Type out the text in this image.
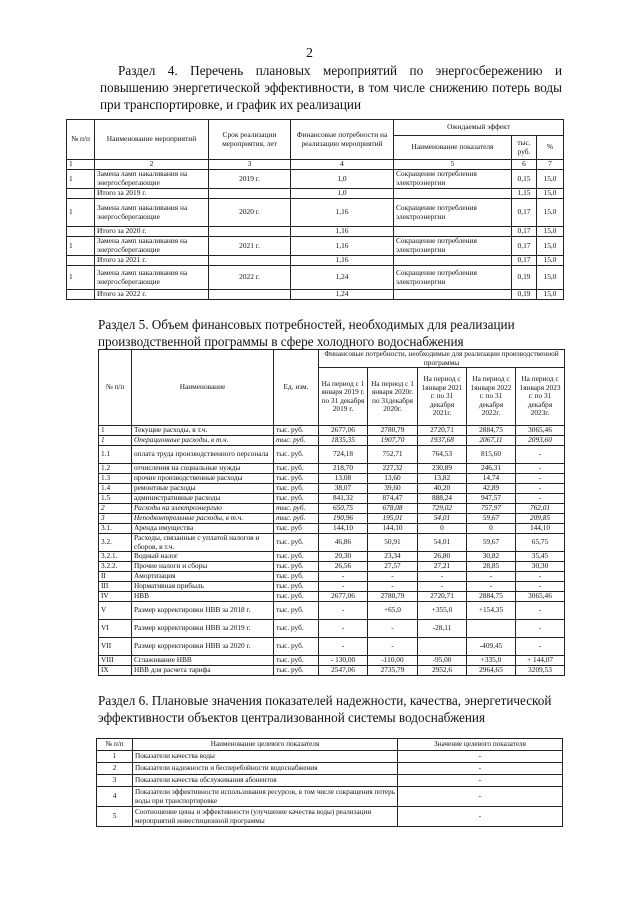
2

Раздел 4. Перечень плановых мероприятий по энергосбережению и повышению энергетической эффективности, в том числе снижению потерь воды при транспортировке, и график их реализации

№ п/п	Наименование мероприятий	Срок реализации мероприятия, лет	Финансовые потребности на реализацию мероприятий	Ожидаемый эффект		
				Наименование показателя	тыс. руб.	%
1	2	3	4	5	6	7
1	Замена ламп накаливания на энергосберегающие	2019 г.	1,0	Сокращение потребления электроэнергии	0,15	15,0
	Итого за 2019 г.		1,0		1,15	15,0
1	Замена ламп накаливания на энергосберегающие	2020 г.	1,16	Сокращение потребления электроэнергии	0,17	15,0
	Итого за 2020 г.		1,16		0,17	15,0
1	Замена ламп накаливания на энергосберегающие	2021 г.	1,16	Сокращение потребления электроэнергии	0,17	15,0
	Итого за 2021 г.		1,16		0,17	15,0
1	Замена ламп накаливания на энергосберегающие	2022 г.	1,24	Сокращение потребления электроэнергии	0,19	15,0
	Итого за 2022 г.		1,24		0,19	15,0

Раздел 5. Объем финансовых потребностей, необходимых для реализации производственной программы в сфере холодного водоснабжения

№ п/п	Наименование	Ед. изм.	Финансовые потребности, необходимые для реализации производственной программы				
			На период с 1 января 2019 г. по 31 декабря 2019 г.	На период с 1 января 2020г. по 31декабря 2020г.	На период с 1января 2021 г. по 31 декабря 2021г.	На период с 1января 2022 г. по 31 декабря 2022г.	На период с 1января 2023 г. по 31 декабря 2023г.
1	Текущие расходы, в т.ч.	тыс. руб.	2677,06	2780,79	2720,71	2884,75	3065,46
1	Операционные расходы, в т.ч.	тыс. руб.	1835,35	1907,70	1937,68	2067,11	2093,60
1.1	оплата труда производственного персонала	тыс. руб.	724,18	752,71	764,53	815,60	-
1.2	отчисления на социальные нужды	тыс. руб.	218,70	227,32	230,89	246,31	-
1.3	прочие производственные расходы	тыс. руб.	13,08	13,60	13,82	14,74	-
1.4	ремонтные расходы	тыс. руб.	38,07	39,60	40,20	42,89	-
1.5	административные расходы	тыс. руб.	841,32	874,47	888,24	947,57	-
2	Расходы на электроэнергию	тыс. руб.	650,75	678,08	729,02	757,97	762,01
3	Неподконтрольные расходы, в т.ч.	тыс. руб.	190,96	195,01	54,01	59,67	209,85
3.1.	Аренда имущества	тыс. руб	144,10	144,10	0	0	144,10
3.2.	Расходы, связанные с уплатой налогов и сборов, в т.ч.	тыс. руб.	46,86	50,91	54,01	59,67	65,75
3.2.1.	Водный налог	тыс. руб.	20,30	23,34	26,80	30,82	35,45
3.2.2.	Прочие налоги и сборы	тыс. руб.	26,56	27,57	27,21	28,85	30,30
II	Амортизация	тыс. руб.	-	-	-	-	-
III	Нормативная прибыль	тыс. руб.	-	-	-	-	-
IV	НВВ	тыс. руб.	2677,06	2780,79	2720,71	2884,75	3065,46
V	Размер корректировки НВВ за 2018 г.	тыс. руб.	-	+65,0	+355,0	+154,35	-
VI	Размер корректировки НВВ за 2019 г.	тыс. руб.	-	-	-28,11		-
VII	Размер корректировки НВВ за 2020 г.	тыс. руб.	-	-		-409,45	-
VIII	Сглаживание НВВ	тыс. руб.	- 130,00	-110,00	-95,00	+335,0	+ 144,07
IX	НВВ для расчета тарифа	тыс. руб.	2547,06	2735,79	2952,6	2964,65	3209,53

Раздел 6. Плановые значения показателей надежности, качества, энергетической эффективности объектов централизованной системы водоснабжения

№ п/п	Наименование целевого показателя	Значение целевого показателя
1	Показатели качества воды	-
2	Показатели надежности и бесперебойности водоснабжения	-
3	Показатели качества обслуживания абонентов	-
4	Показатели эффективности использования ресурсов, в том числе сокращения потерь воды при транспортировке	-
5	Соотношение цены и эффективности (улучшение качества воды) реализации мероприятий инвестиционной программы	-
